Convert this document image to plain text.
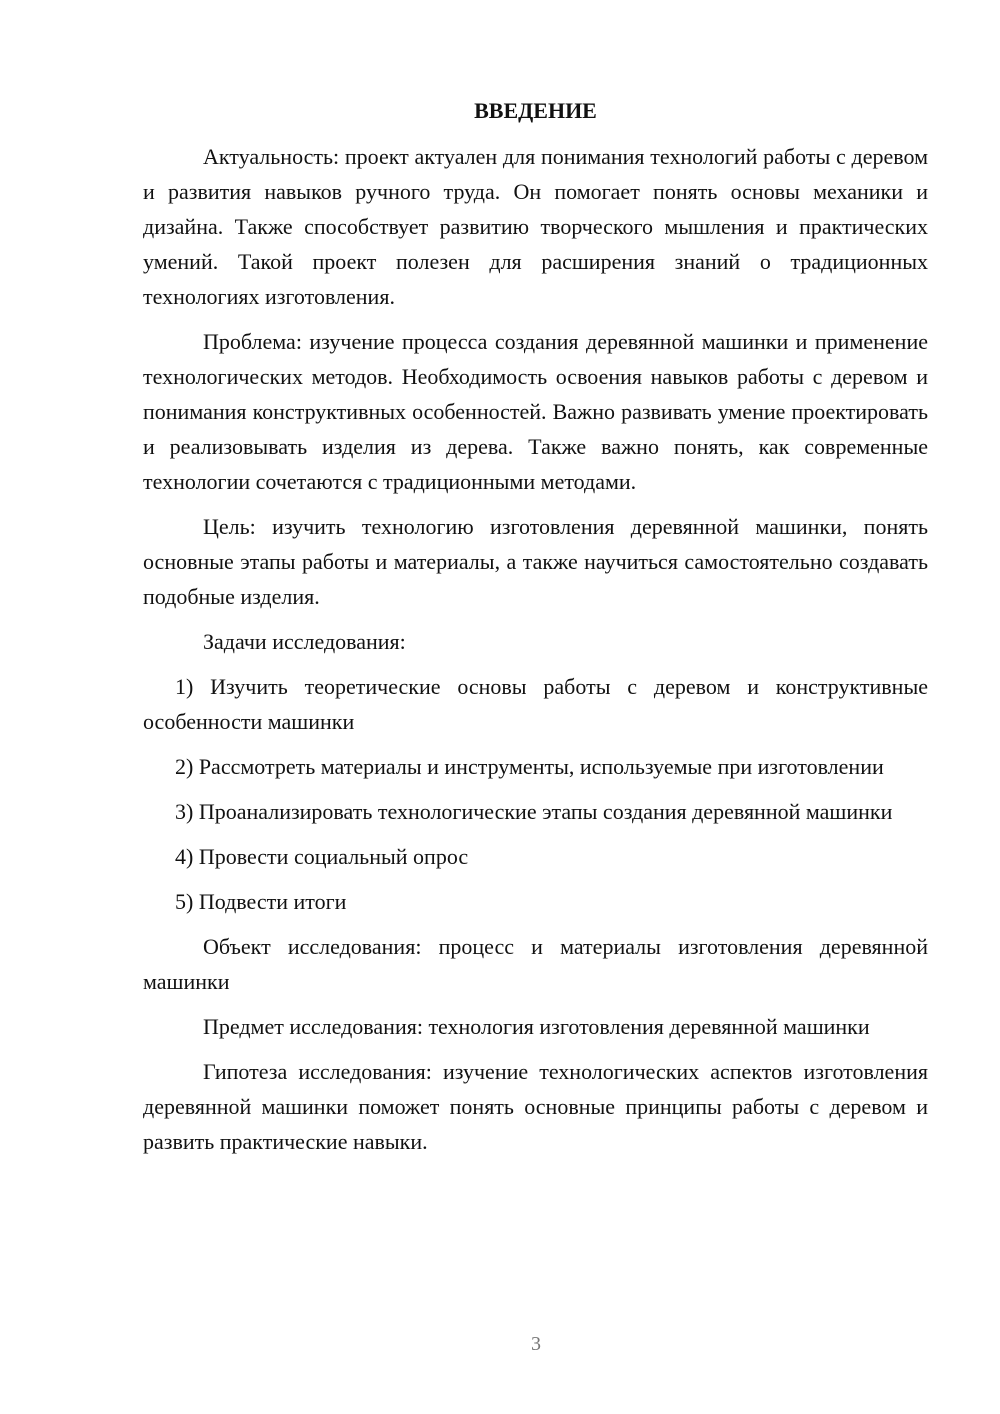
ВВЕДЕНИЕ

Актуальность: проект актуален для понимания технологий работы с деревом и развития навыков ручного труда. Он помогает понять основы механики и дизайна. Также способствует развитию творческого мышления и практических умений. Такой проект полезен для расширения знаний о традиционных технологиях изготовления.

Проблема: изучение процесса создания деревянной машинки и применение технологических методов. Необходимость освоения навыков работы с деревом и понимания конструктивных особенностей. Важно развивать умение проектировать и реализовывать изделия из дерева. Также важно понять, как современные технологии сочетаются с традиционными методами.

Цель: изучить технологию изготовления деревянной машинки, понять основные этапы работы и материалы, а также научиться самостоятельно создавать подобные изделия.

Задачи исследования:

1) Изучить теоретические основы работы с деревом и конструктивные особенности машинки

2) Рассмотреть материалы и инструменты, используемые при изготовлении

3) Проанализировать технологические этапы создания деревянной машинки

4) Провести социальный опрос

5) Подвести итоги

Объект исследования: процесс и материалы изготовления деревянной машинки

Предмет исследования: технология изготовления деревянной машинки

Гипотеза исследования: изучение технологических аспектов изготовления деревянной машинки поможет понять основные принципы работы с деревом и развить практические навыки.

3
